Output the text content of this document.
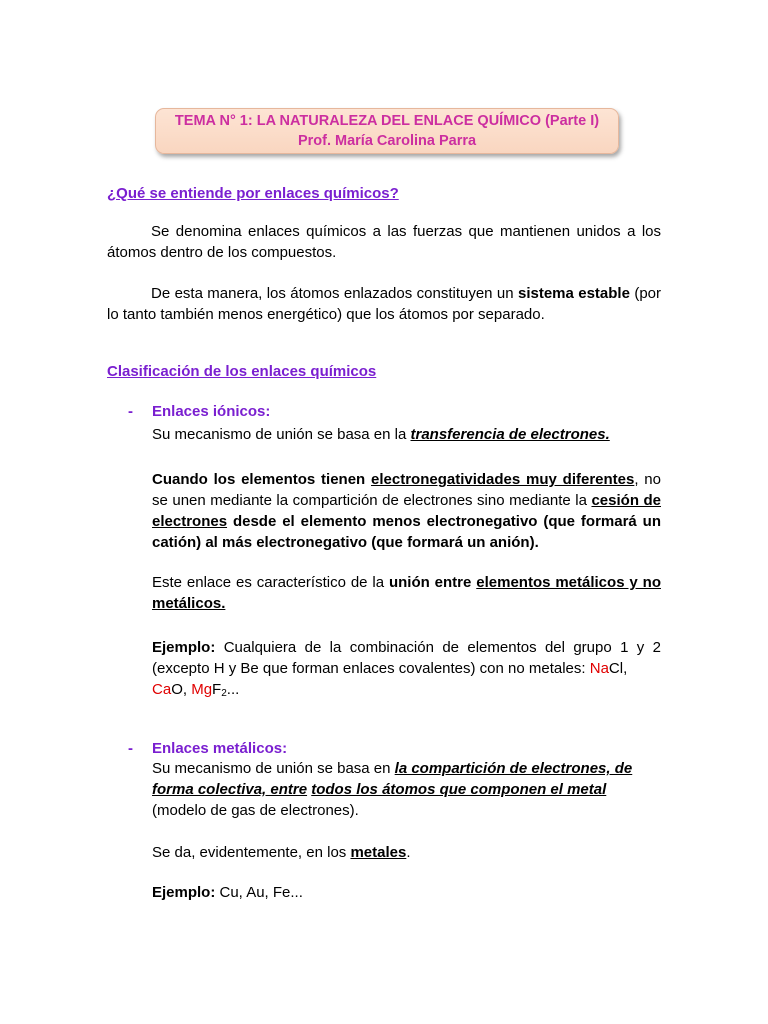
TEMA N° 1: LA NATURALEZA DEL ENLACE QUÍMICO (Parte I)
Prof. María Carolina Parra
¿Qué se entiende por enlaces químicos?
Se denomina enlaces químicos a las fuerzas que mantienen unidos a los átomos dentro de los compuestos.
De esta manera, los átomos enlazados constituyen un sistema estable (por lo tanto también menos energético) que los átomos por separado.
Clasificación de los enlaces químicos
- Enlaces iónicos:
Su mecanismo de unión se basa en la transferencia de electrones.
Cuando los elementos tienen electronegatividades muy diferentes, no se unen mediante la compartición de electrones sino mediante la cesión de electrones desde el elemento menos electronegativo (que formará un catión) al más electronegativo (que formará un anión).
Este enlace es característico de la unión entre elementos metálicos y no metálicos.
Ejemplo: Cualquiera de la combinación de elementos del grupo 1 y 2 (excepto H y Be que forman enlaces covalentes) con no metales: NaCl,
CaO, MgF$_2$...
- Enlaces metálicos:
Su mecanismo de unión se basa en la compartición de electrones, de forma colectiva, entre todos los átomos que componen el metal (modelo de gas de electrones).
Se da, evidentemente, en los metales.
Ejemplo: Cu, Au, Fe...
